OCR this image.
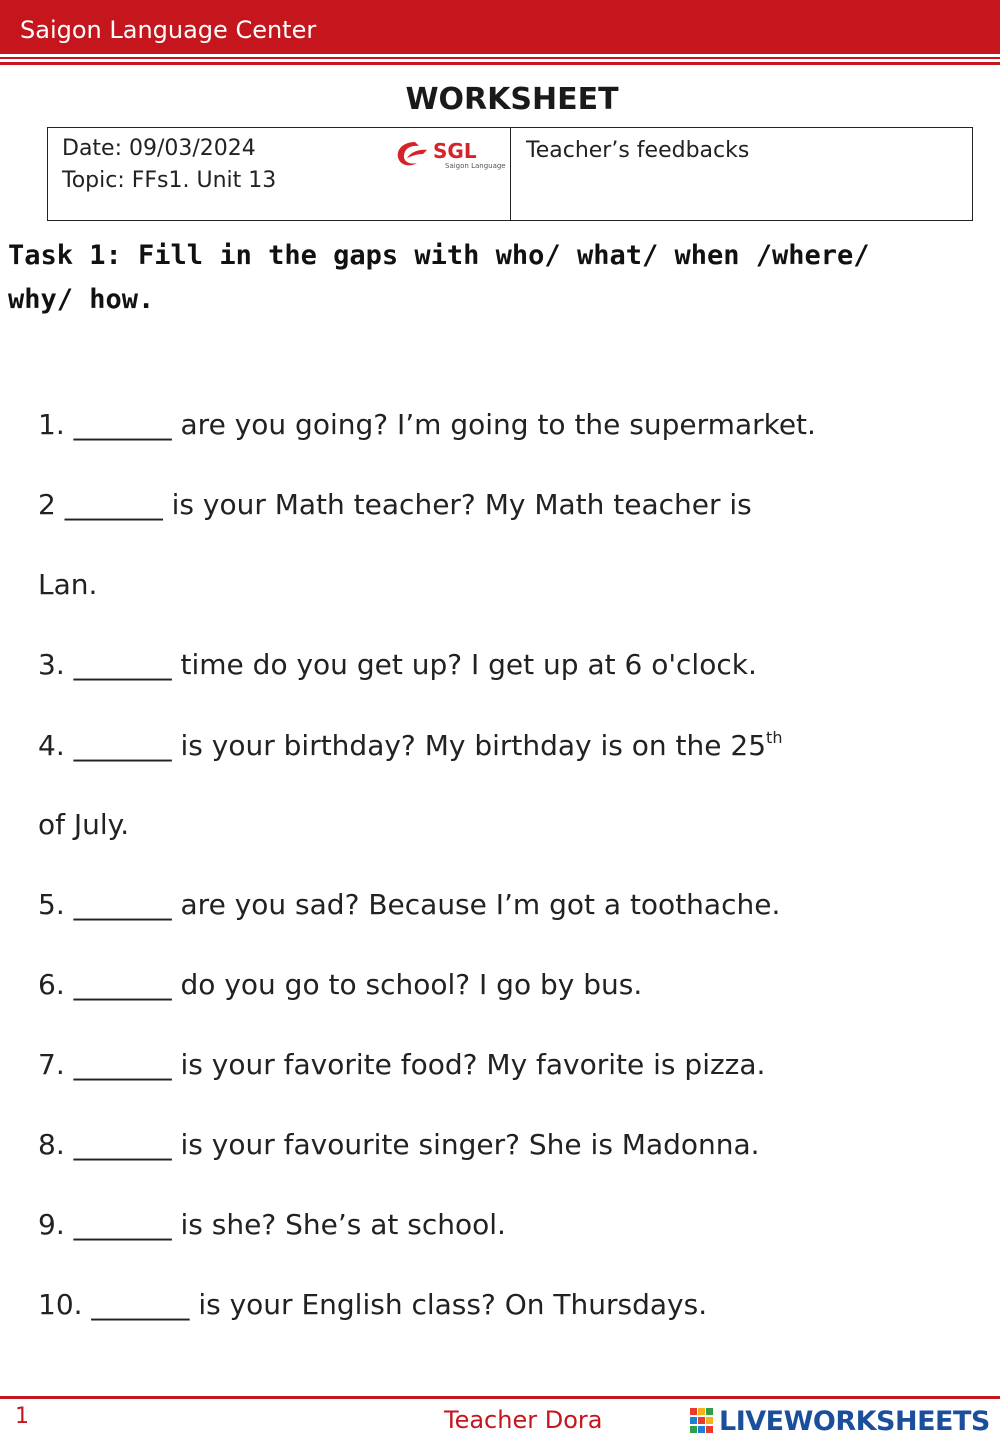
Saigon Language Center
WORKSHEET
Date: 09/03/2024
Topic: FFs1. Unit 13
SGL
Saigon Language
Teacher’s feedbacks
Task 1: Fill in the gaps with who/ what/ when /where/
why/ how.
1. _______ are you going? I’m going to the supermarket.
2 _______ is your Math teacher? My Math teacher is
Lan.
3. _______ time do you get up? I get up at 6 o'clock.
4. _______ is your birthday? My birthday is on the 25th
of July.
5. _______ are you sad? Because I’m got a toothache.
6. _______ do you go to school? I go by bus.
7. _______ is your favorite food? My favorite is pizza.
8. _______ is your favourite singer? She is Madonna.
9. _______ is she? She’s at school.
10. _______ is your English class? On Thursdays.
1	Teacher Dora	LIVEWORKSHEETS
